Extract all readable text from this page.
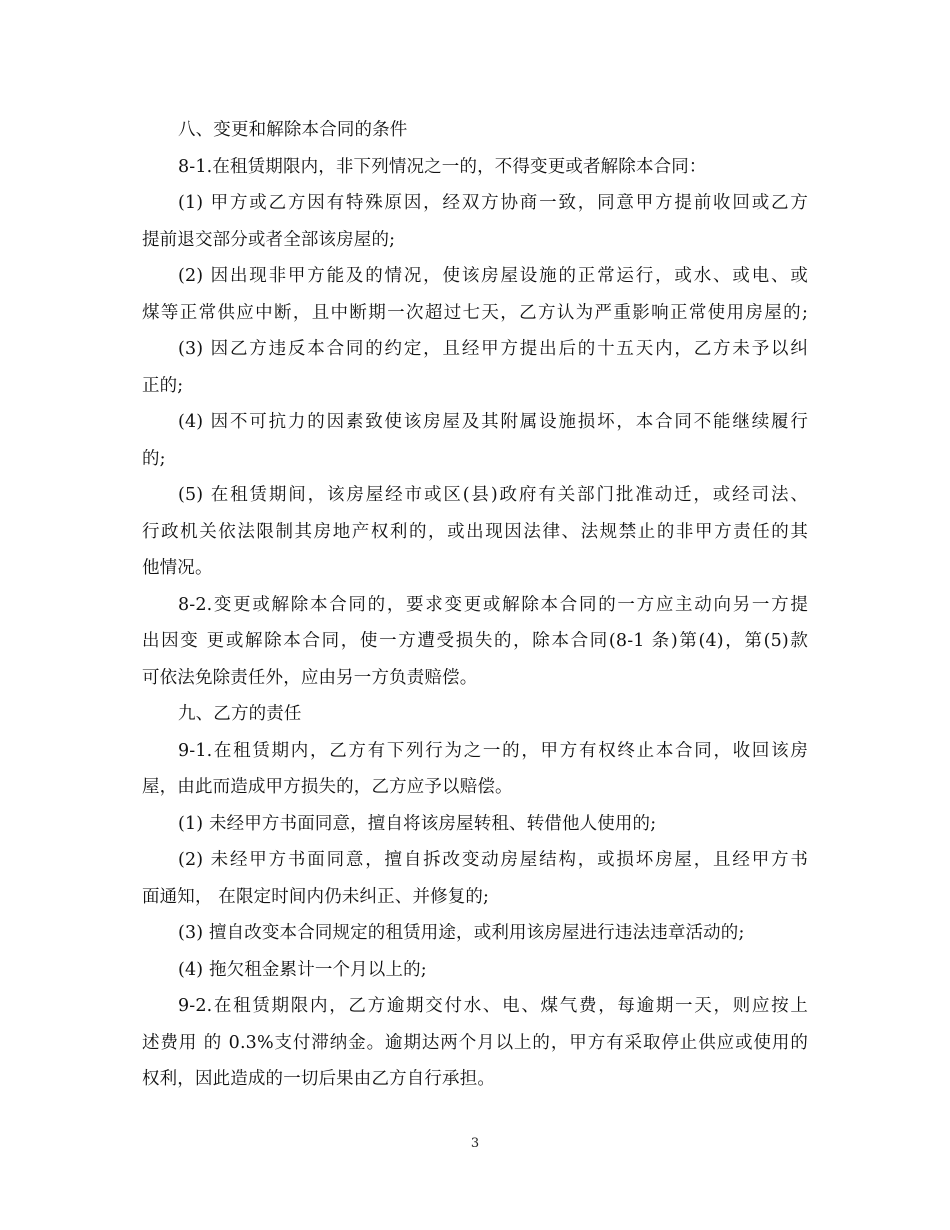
八、变更和解除本合同的条件
8-1.在租赁期限内，非下列情况之一的，不得变更或者解除本合同：
(1) 甲方或乙方因有特殊原因，经双方协商一致，同意甲方提前收回或乙方
提前退交部分或者全部该房屋的;
(2) 因出现非甲方能及的情况，使该房屋设施的正常运行，或水、或电、或
煤等正常供应中断，且中断期一次超过七天，乙方认为严重影响正常使用房屋的;
(3) 因乙方违反本合同的约定，且经甲方提出后的十五天内，乙方未予以纠
正的;
(4) 因不可抗力的因素致使该房屋及其附属设施损坏，本合同不能继续履行
的;
(5) 在租赁期间，该房屋经市或区(县)政府有关部门批准动迁，或经司法、
行政机关依法限制其房地产权利的，或出现因法律、法规禁止的非甲方责任的其
他情况。
8-2.变更或解除本合同的，要求变更或解除本合同的一方应主动向另一方提
出因变 更或解除本合同，使一方遭受损失的，除本合同(8-1 条)第(4)，第(5)款
可依法免除责任外，应由另一方负责赔偿。
九、乙方的责任
9-1.在租赁期内，乙方有下列行为之一的，甲方有权终止本合同，收回该房
屋，由此而造成甲方损失的，乙方应予以赔偿。
(1) 未经甲方书面同意，擅自将该房屋转租、转借他人使用的;
(2) 未经甲方书面同意，擅自拆改变动房屋结构，或损坏房屋，且经甲方书
面通知， 在限定时间内仍未纠正、并修复的;
(3) 擅自改变本合同规定的租赁用途，或利用该房屋进行违法违章活动的;
(4) 拖欠租金累计一个月以上的;
9-2.在租赁期限内，乙方逾期交付水、电、煤气费，每逾期一天，则应按上
述费用 的 0.3%支付滞纳金。逾期达两个月以上的，甲方有采取停止供应或使用的
权利，因此造成的一切后果由乙方自行承担。
3
